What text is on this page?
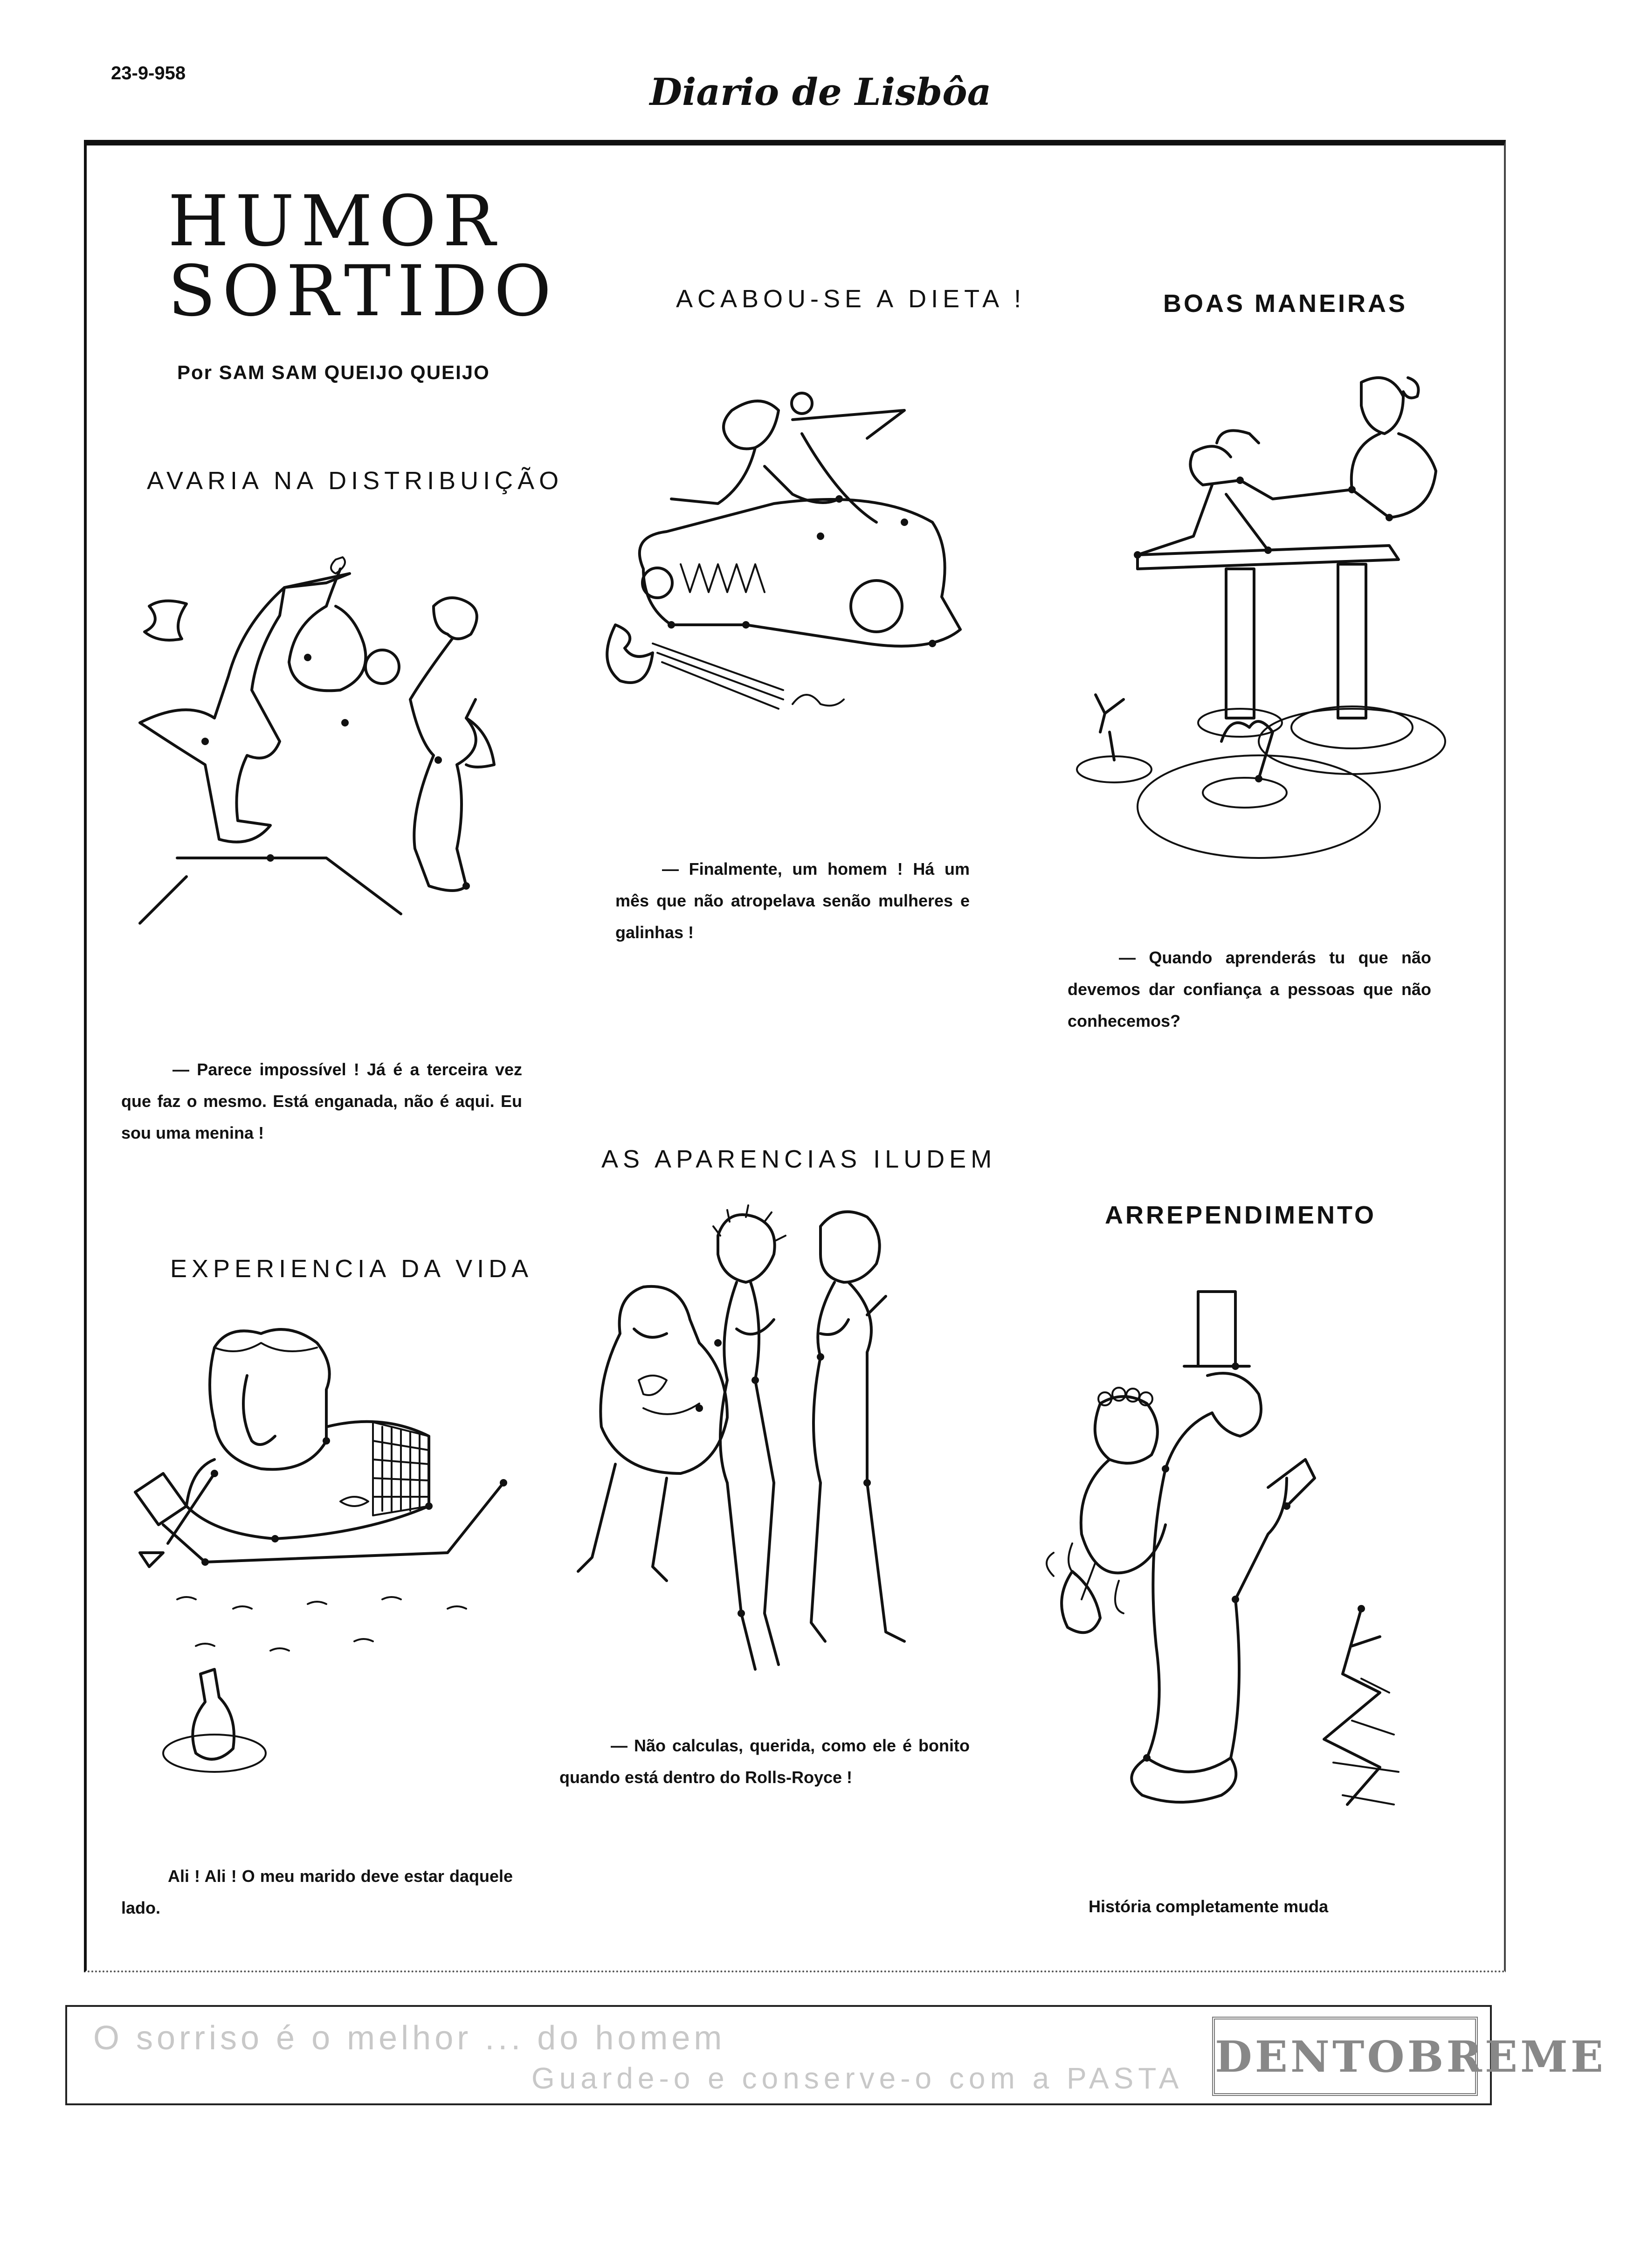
23-9-958	Diario de Lisbôa
HUMOR
SORTIDO
Por SAM SAM QUEIJO QUEIJO
AVARIA NA DISTRIBUIÇÃO
— Parece impossível ! Já é a terceira vez que faz o mesmo. Está enganada, não é aqui. Eu sou uma menina !
ACABOU-SE A DIETA !
— Finalmente, um homem ! Há um mês que não atropelava senão mulheres e galinhas !
BOAS MANEIRAS
— Quando aprenderás tu que não devemos dar confiança a pessoas que não conhecemos?
EXPERIENCIA DA VIDA
Ali ! Ali ! O meu marido deve estar daquele lado.
AS APARENCIAS ILUDEM
— Não calculas, querida, como ele é bonito quando está dentro do Rolls-Royce !
ARREPENDIMENTO
História completamente muda
O sorriso é o melhor ... do homem
Guarde-o e conserve-o com a PASTA DENTOBREME
